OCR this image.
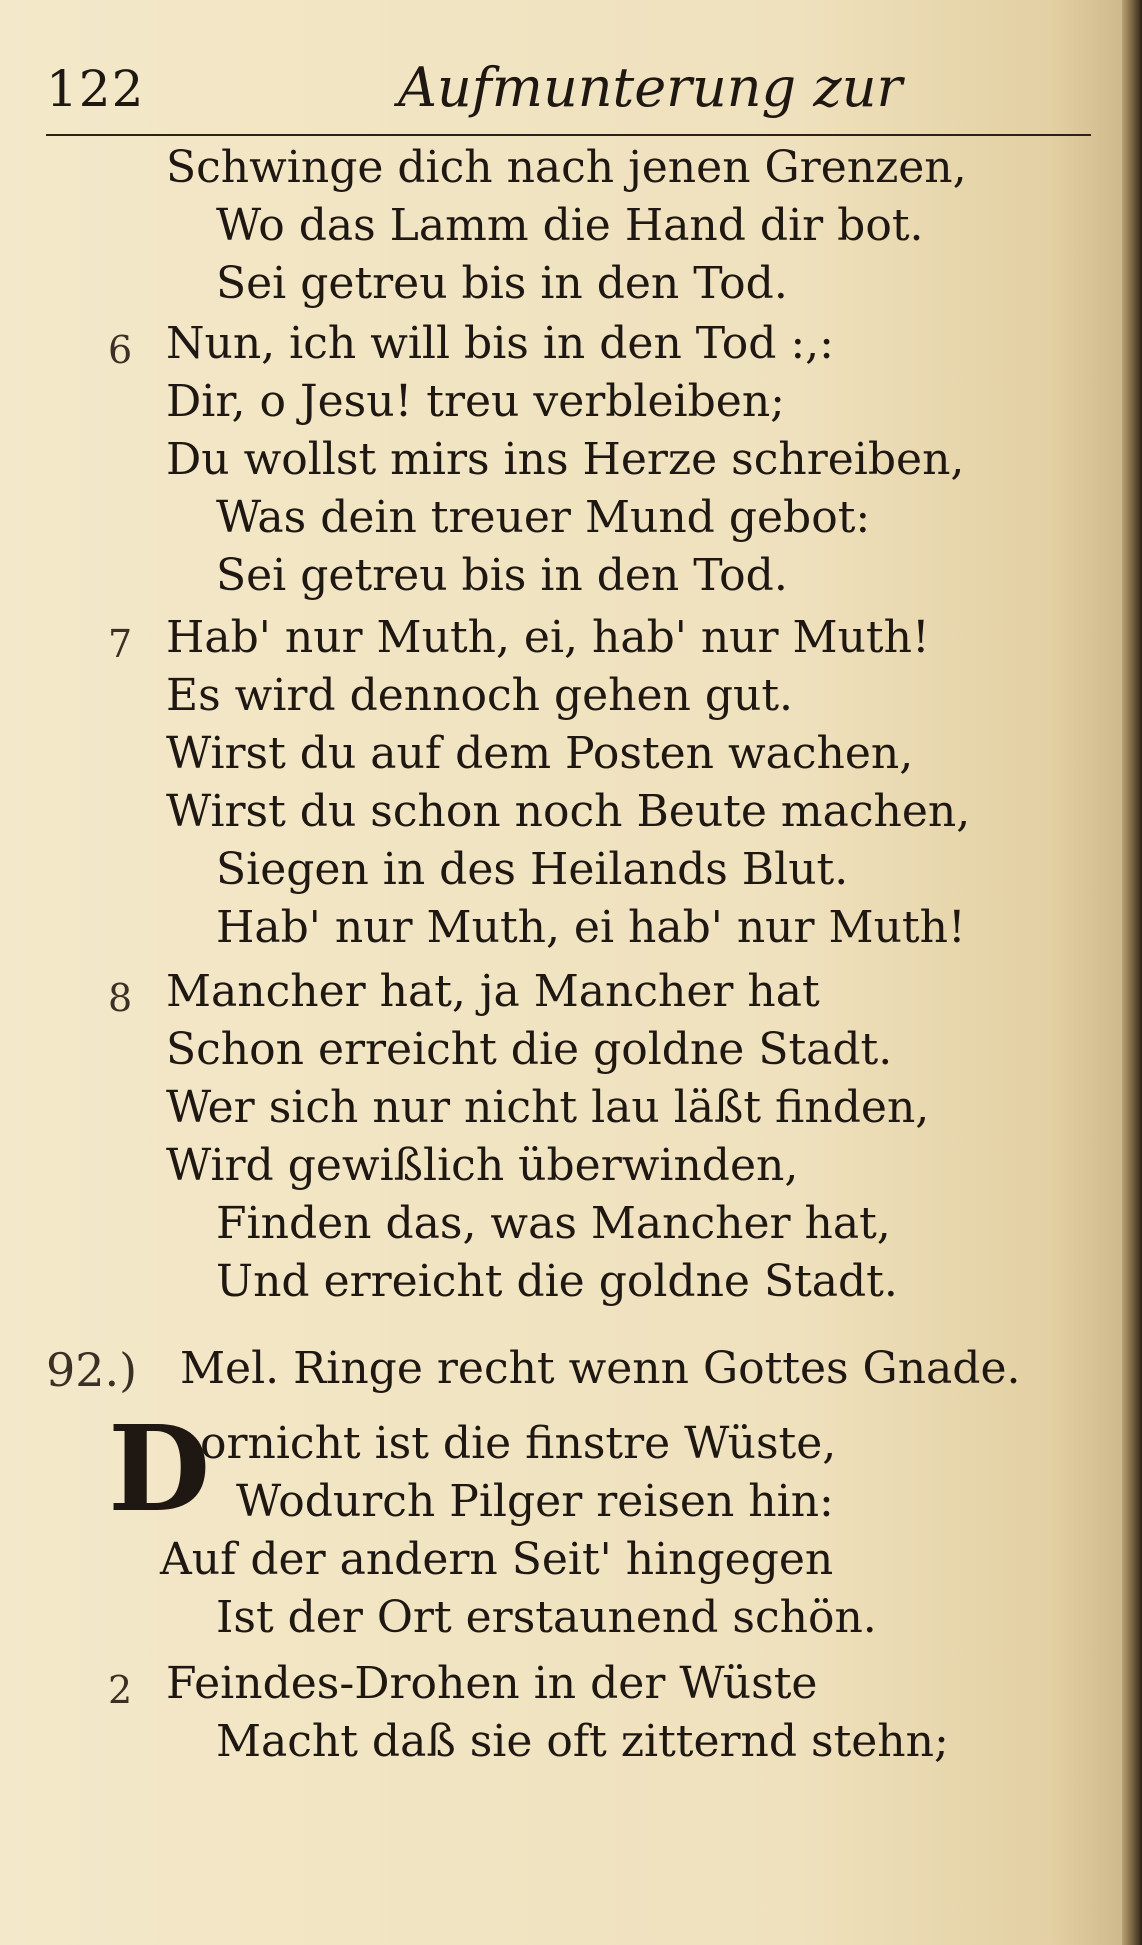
122	Aufmunterung zur
Schwinge dich nach jenen Grenzen,
Wo das Lamm die Hand dir bot.
Sei getreu bis in den Tod.
6 Nun, ich will bis in den Tod :,:
Dir, o Jesu! treu verbleiben;
Du wollst mirs ins Herze schreiben,
Was dein treuer Mund gebot:
Sei getreu bis in den Tod.
7 Hab' nur Muth, ei, hab' nur Muth!
Es wird dennoch gehen gut.
Wirst du auf dem Posten wachen,
Wirst du schon noch Beute machen,
Siegen in des Heilands Blut.
Hab' nur Muth, ei hab' nur Muth!
8 Mancher hat, ja Mancher hat
Schon erreicht die goldne Stadt.
Wer sich nur nicht lau läßt finden,
Wird gewißlich überwinden,
Finden das, was Mancher hat,
Und erreicht die goldne Stadt.
92.) Mel. Ringe recht wenn Gottes Gnade.
D
ornicht ist die finstre Wüste,
Wodurch Pilger reisen hin:
Auf der andern Seit' hingegen
Ist der Ort erstaunend schön.
2 Feindes-Drohen in der Wüste
Macht daß sie oft zitternd stehn;
